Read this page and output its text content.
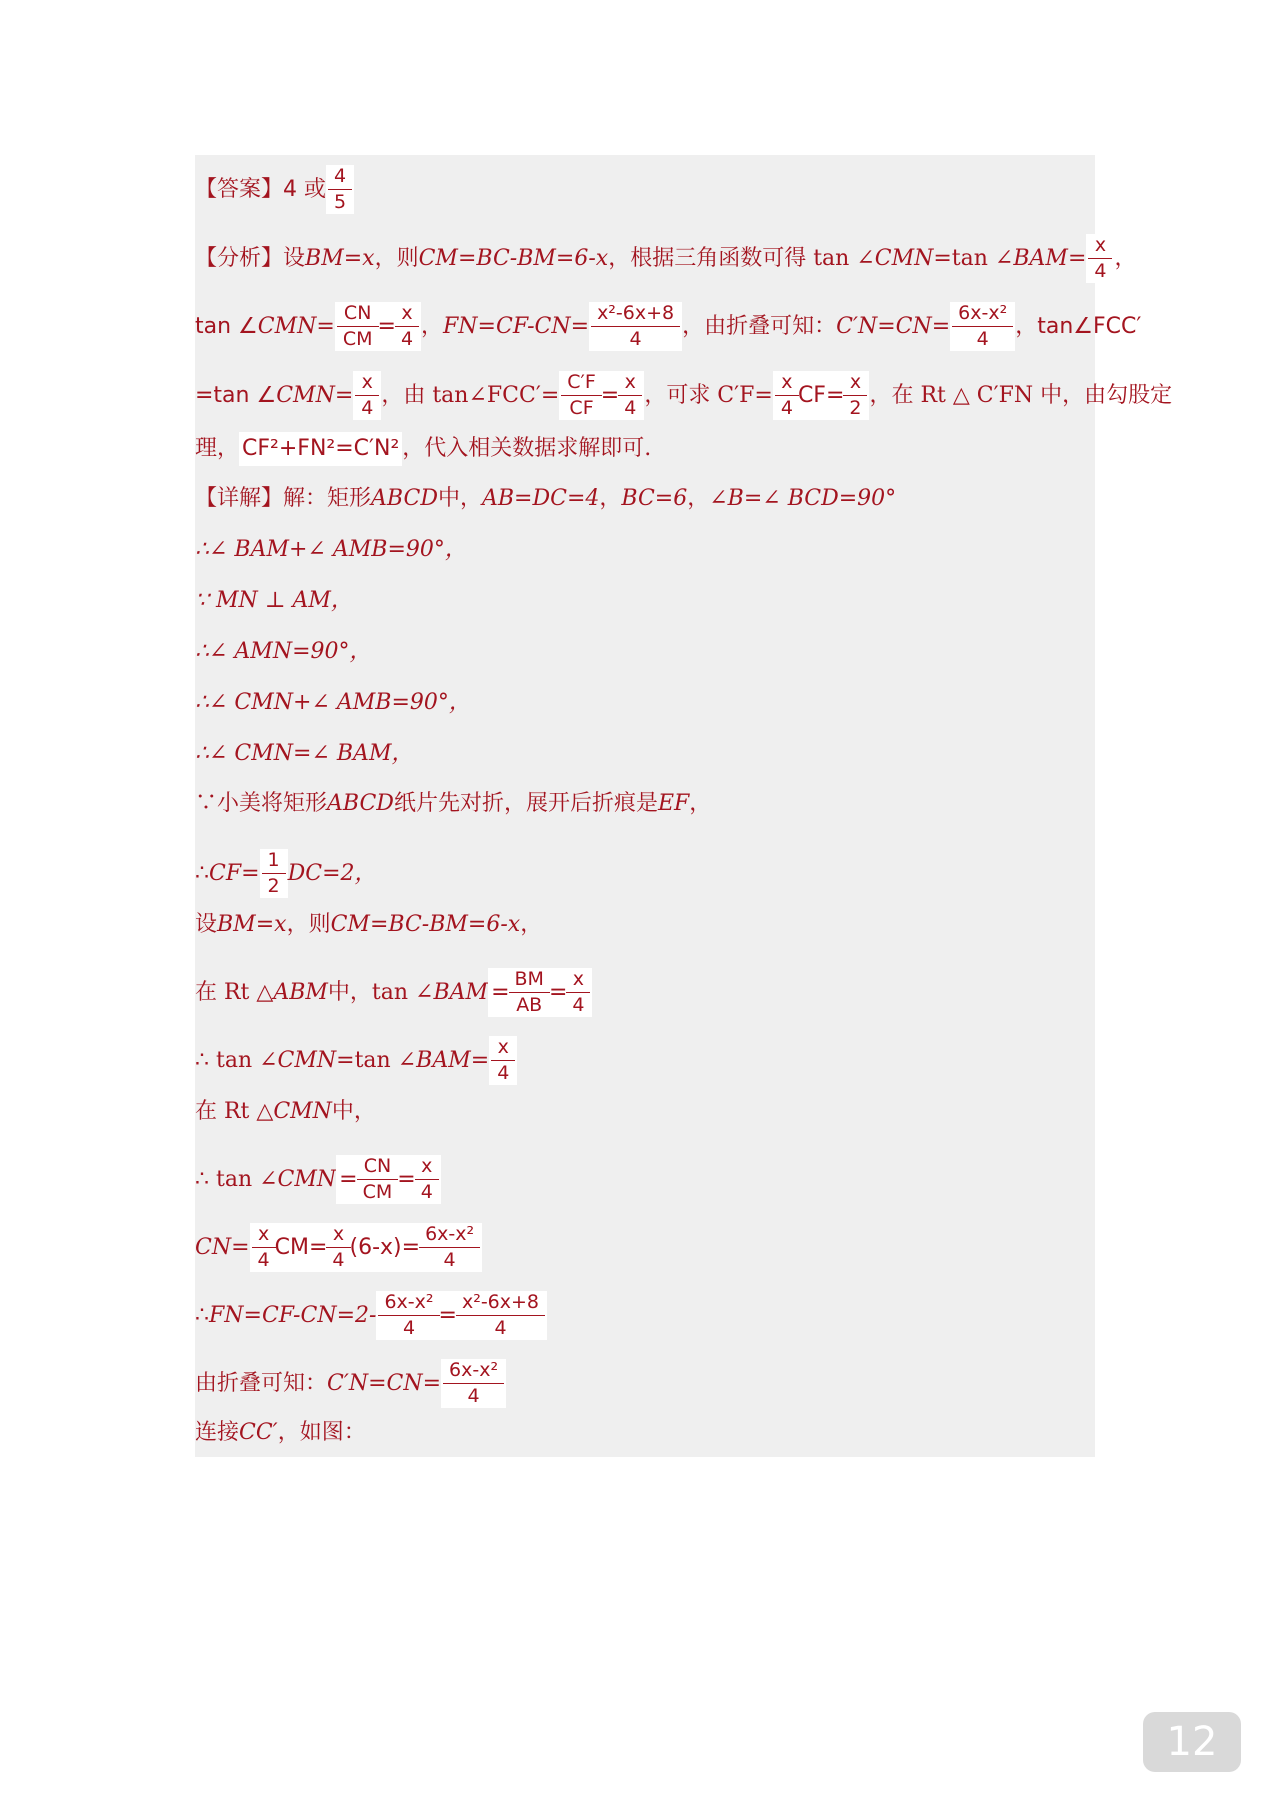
【答案】 4 或 $\frac{4}{5}$
【分析】 设 BM=x ，则 CM=BC-BM=6-x ，根据三角函数可得 tan ∠ CMN =tan ∠ BAM = $\frac{x}{4}$ ，
tan ∠ CMN = $\frac{CN}{CM} = \frac{x}{4}$ ， $FN=CF-CN= \frac{\text{x²-6x+8}}{4}$ ，由折叠可知： $C'N=CN= \frac{\text{6x-x²}}{4}$ ，tan∠FCC′
=tan ∠ CMN = $\frac{x}{4}$ ，由 tan∠FCC′= $\frac{C'F}{CF} = \frac{x}{4}$ ，可求 $C'F= \frac{x}{4} CF= \frac{x}{2}$ ，在 Rt △ C′FN 中，由勾股定
理， CF²+FN²=C′N² ，代入相关数据求解即可.
【详解】 解：矩形 ABCD 中， AB=DC=4 ， BC=6 ，∠ B=∠ BCD=90°
∴∠ BAM+∠ AMB=90°，
∵ MN ⊥ AM，
∴∠ AMN=90°，
∴∠ CMN+∠ AMB=90°，
∴∠ CMN=∠ BAM，
∵小美将矩形 ABCD 纸片先对折，展开后折痕是 EF ，
∴ $CF= \frac{1}{2} DC=2$，
设 BM=x ，则 CM=BC-BM=6-x ，
在 Rt △ ABM 中，tan ∠ BAM = $\frac{BM}{AB} = \frac{x}{4}$
∴ tan ∠ CMN =tan ∠ BAM = $\frac{x}{4}$
在 Rt △ CMN 中，
∴ tan ∠ CMN = $\frac{CN}{CM} = \frac{x}{4}$
$CN= \frac{x}{4} CM= \frac{x}{4} (6-x)= \frac{\text{6x-x²}}{4}$
∴ $FN=CF-CN=2- \frac{\text{6x-x²}}{4} = \frac{\text{x²-6x+8}}{4}$
由折叠可知： $C'N=CN= \frac{\text{6x-x²}}{4}$
连接 CC′ ，如图：
12
